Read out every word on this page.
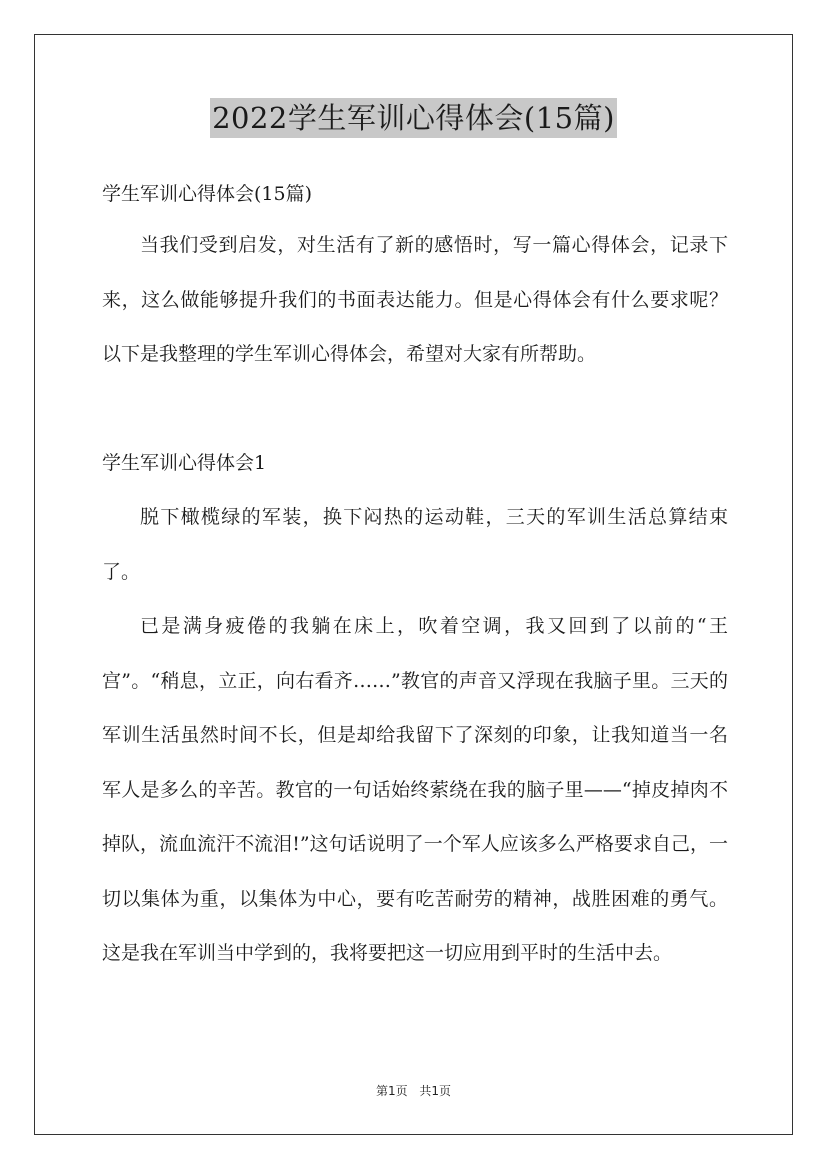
2022学生军训心得体会(15篇)

学生军训心得体会(15篇)

当我们受到启发，对生活有了新的感悟时，写一篇心得体会，记录下来，这么做能够提升我们的书面表达能力。但是心得体会有什么要求呢？以下是我整理的学生军训心得体会，希望对大家有所帮助。

学生军训心得体会1

脱下橄榄绿的军装，换下闷热的运动鞋，三天的军训生活总算结束了。

已是满身疲倦的我躺在床上，吹着空调，我又回到了以前的“王宫”。“稍息，立正，向右看齐……”教官的声音又浮现在我脑子里。三天的军训生活虽然时间不长，但是却给我留下了深刻的印象，让我知道当一名军人是多么的辛苦。教官的一句话始终萦绕在我的脑子里——“掉皮掉肉不掉队，流血流汗不流泪!”这句话说明了一个军人应该多么严格要求自己，一切以集体为重，以集体为中心，要有吃苦耐劳的精神，战胜困难的勇气。这是我在军训当中学到的，我将要把这一切应用到平时的生活中去。

第1页 共1页
